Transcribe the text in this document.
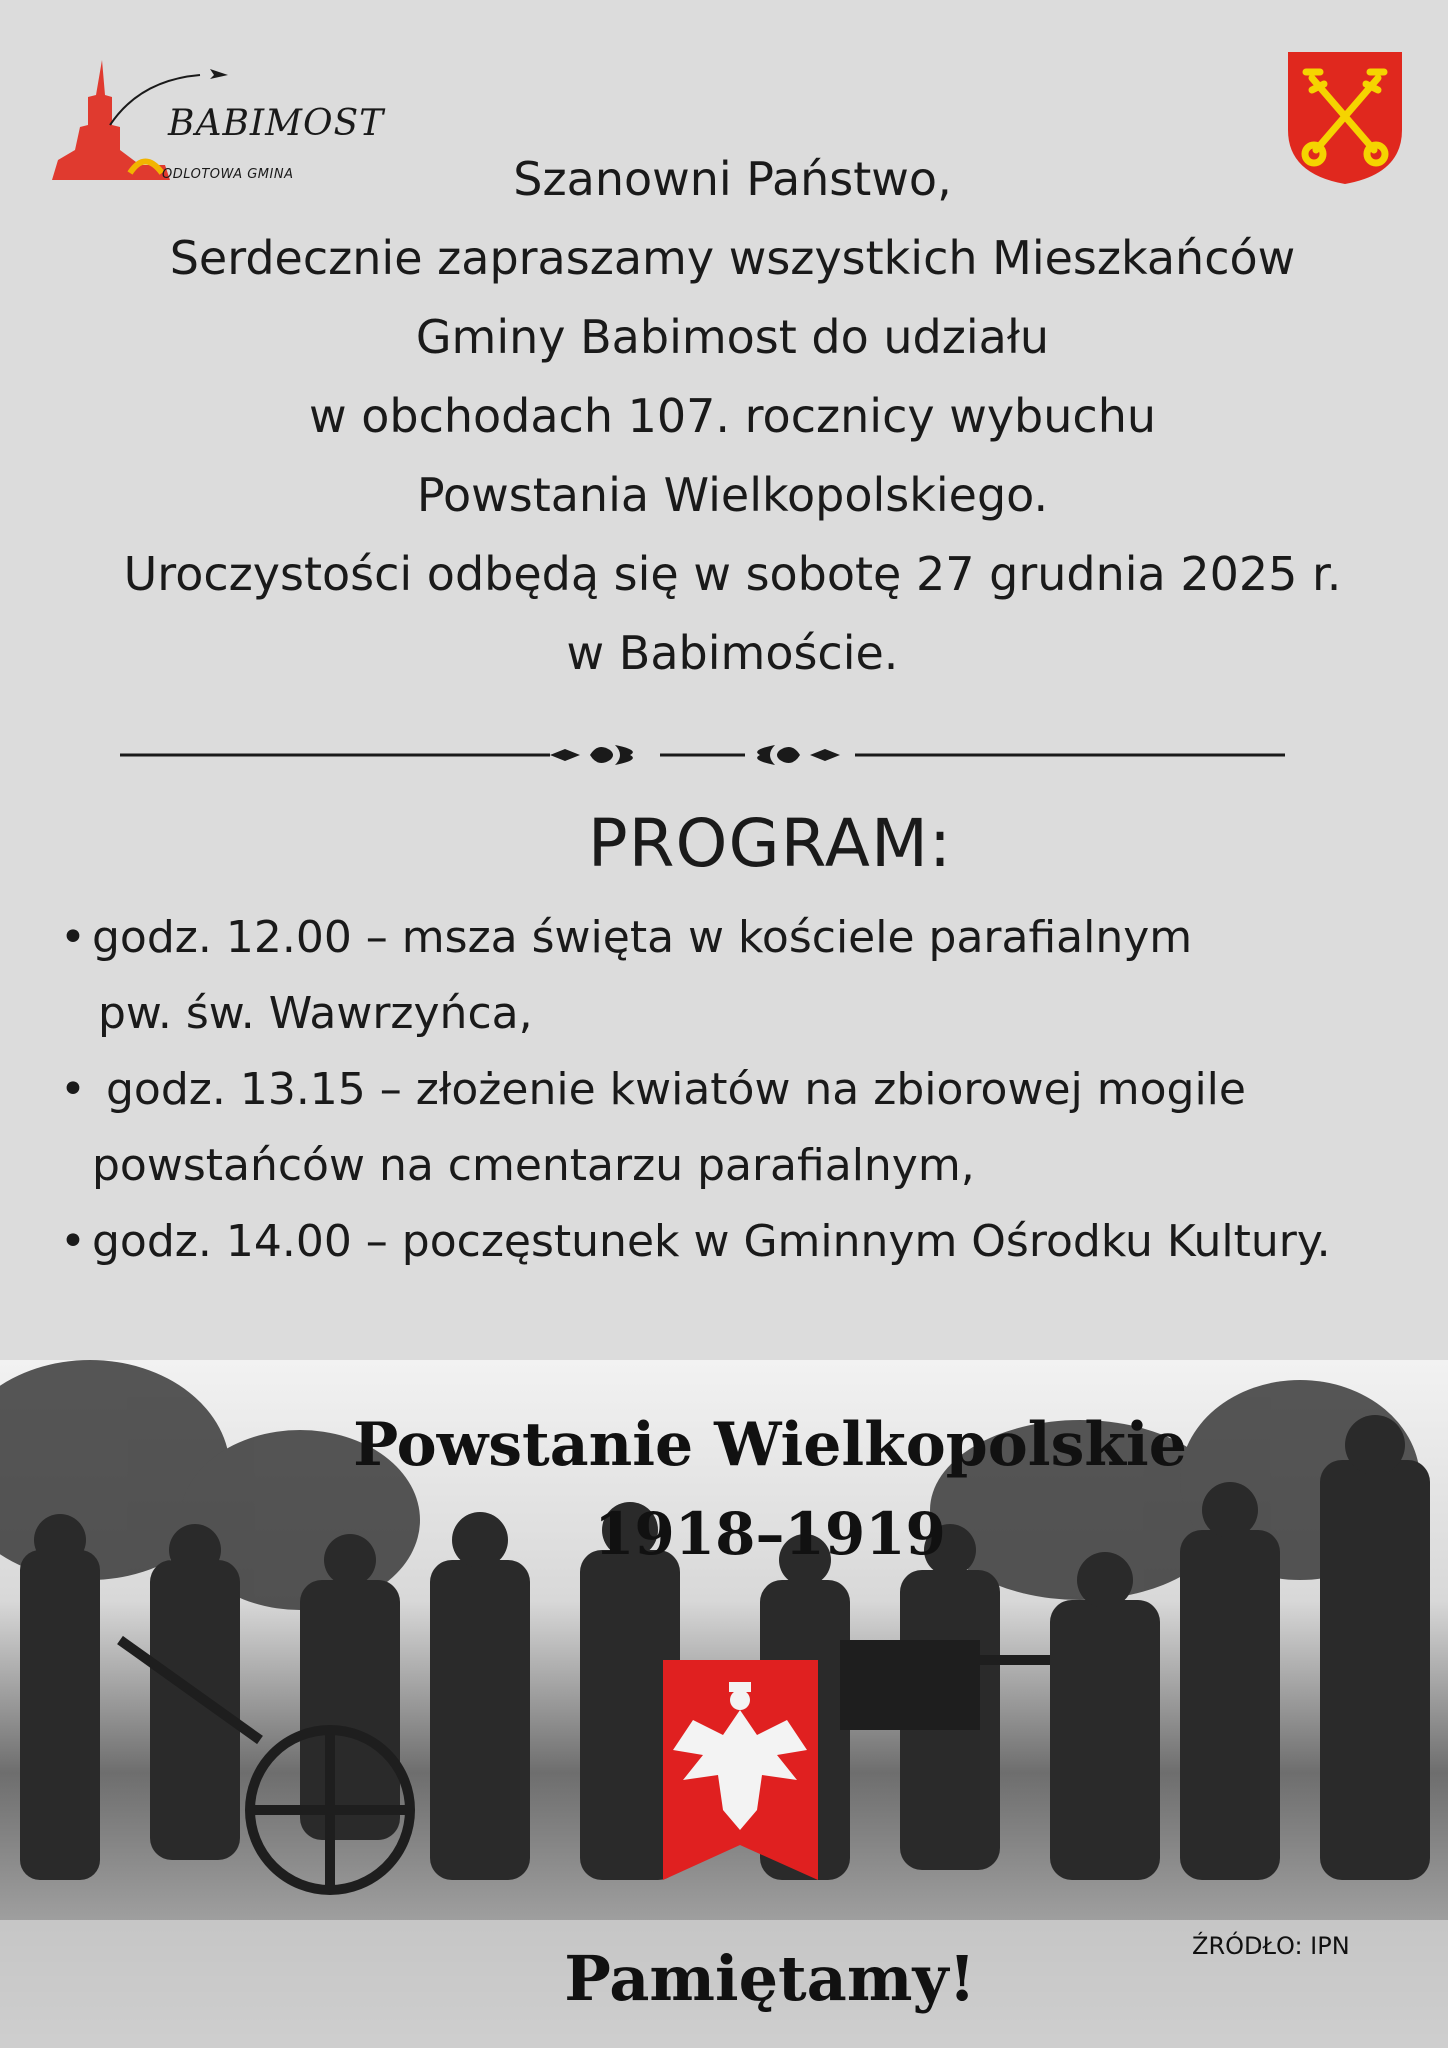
BABIMOST
ODLOTOWA GMINA	Szanowni Państwo,
Serdecznie zapraszamy wszystkich Mieszkańców
Gminy Babimost do udziału
w obchodach 107. rocznicy wybuchu
Powstania Wielkopolskiego.
Uroczystości odbędą się w sobotę 27 grudnia 2025 r.
w Babimoście.
PROGRAM:
• godz. 12.00 – msza święta w kościele parafialnym
pw. św. Wawrzyńca,
• godz. 13.15 – złożenie kwiatów na zbiorowej mogile
powstańców na cmentarzu parafialnym,
• godz. 14.00 – poczęstunek w Gminnym Ośrodku Kultury.
Powstanie Wielkopolskie
1918–1919
ŹRÓDŁO: IPN
Pamiętamy!
